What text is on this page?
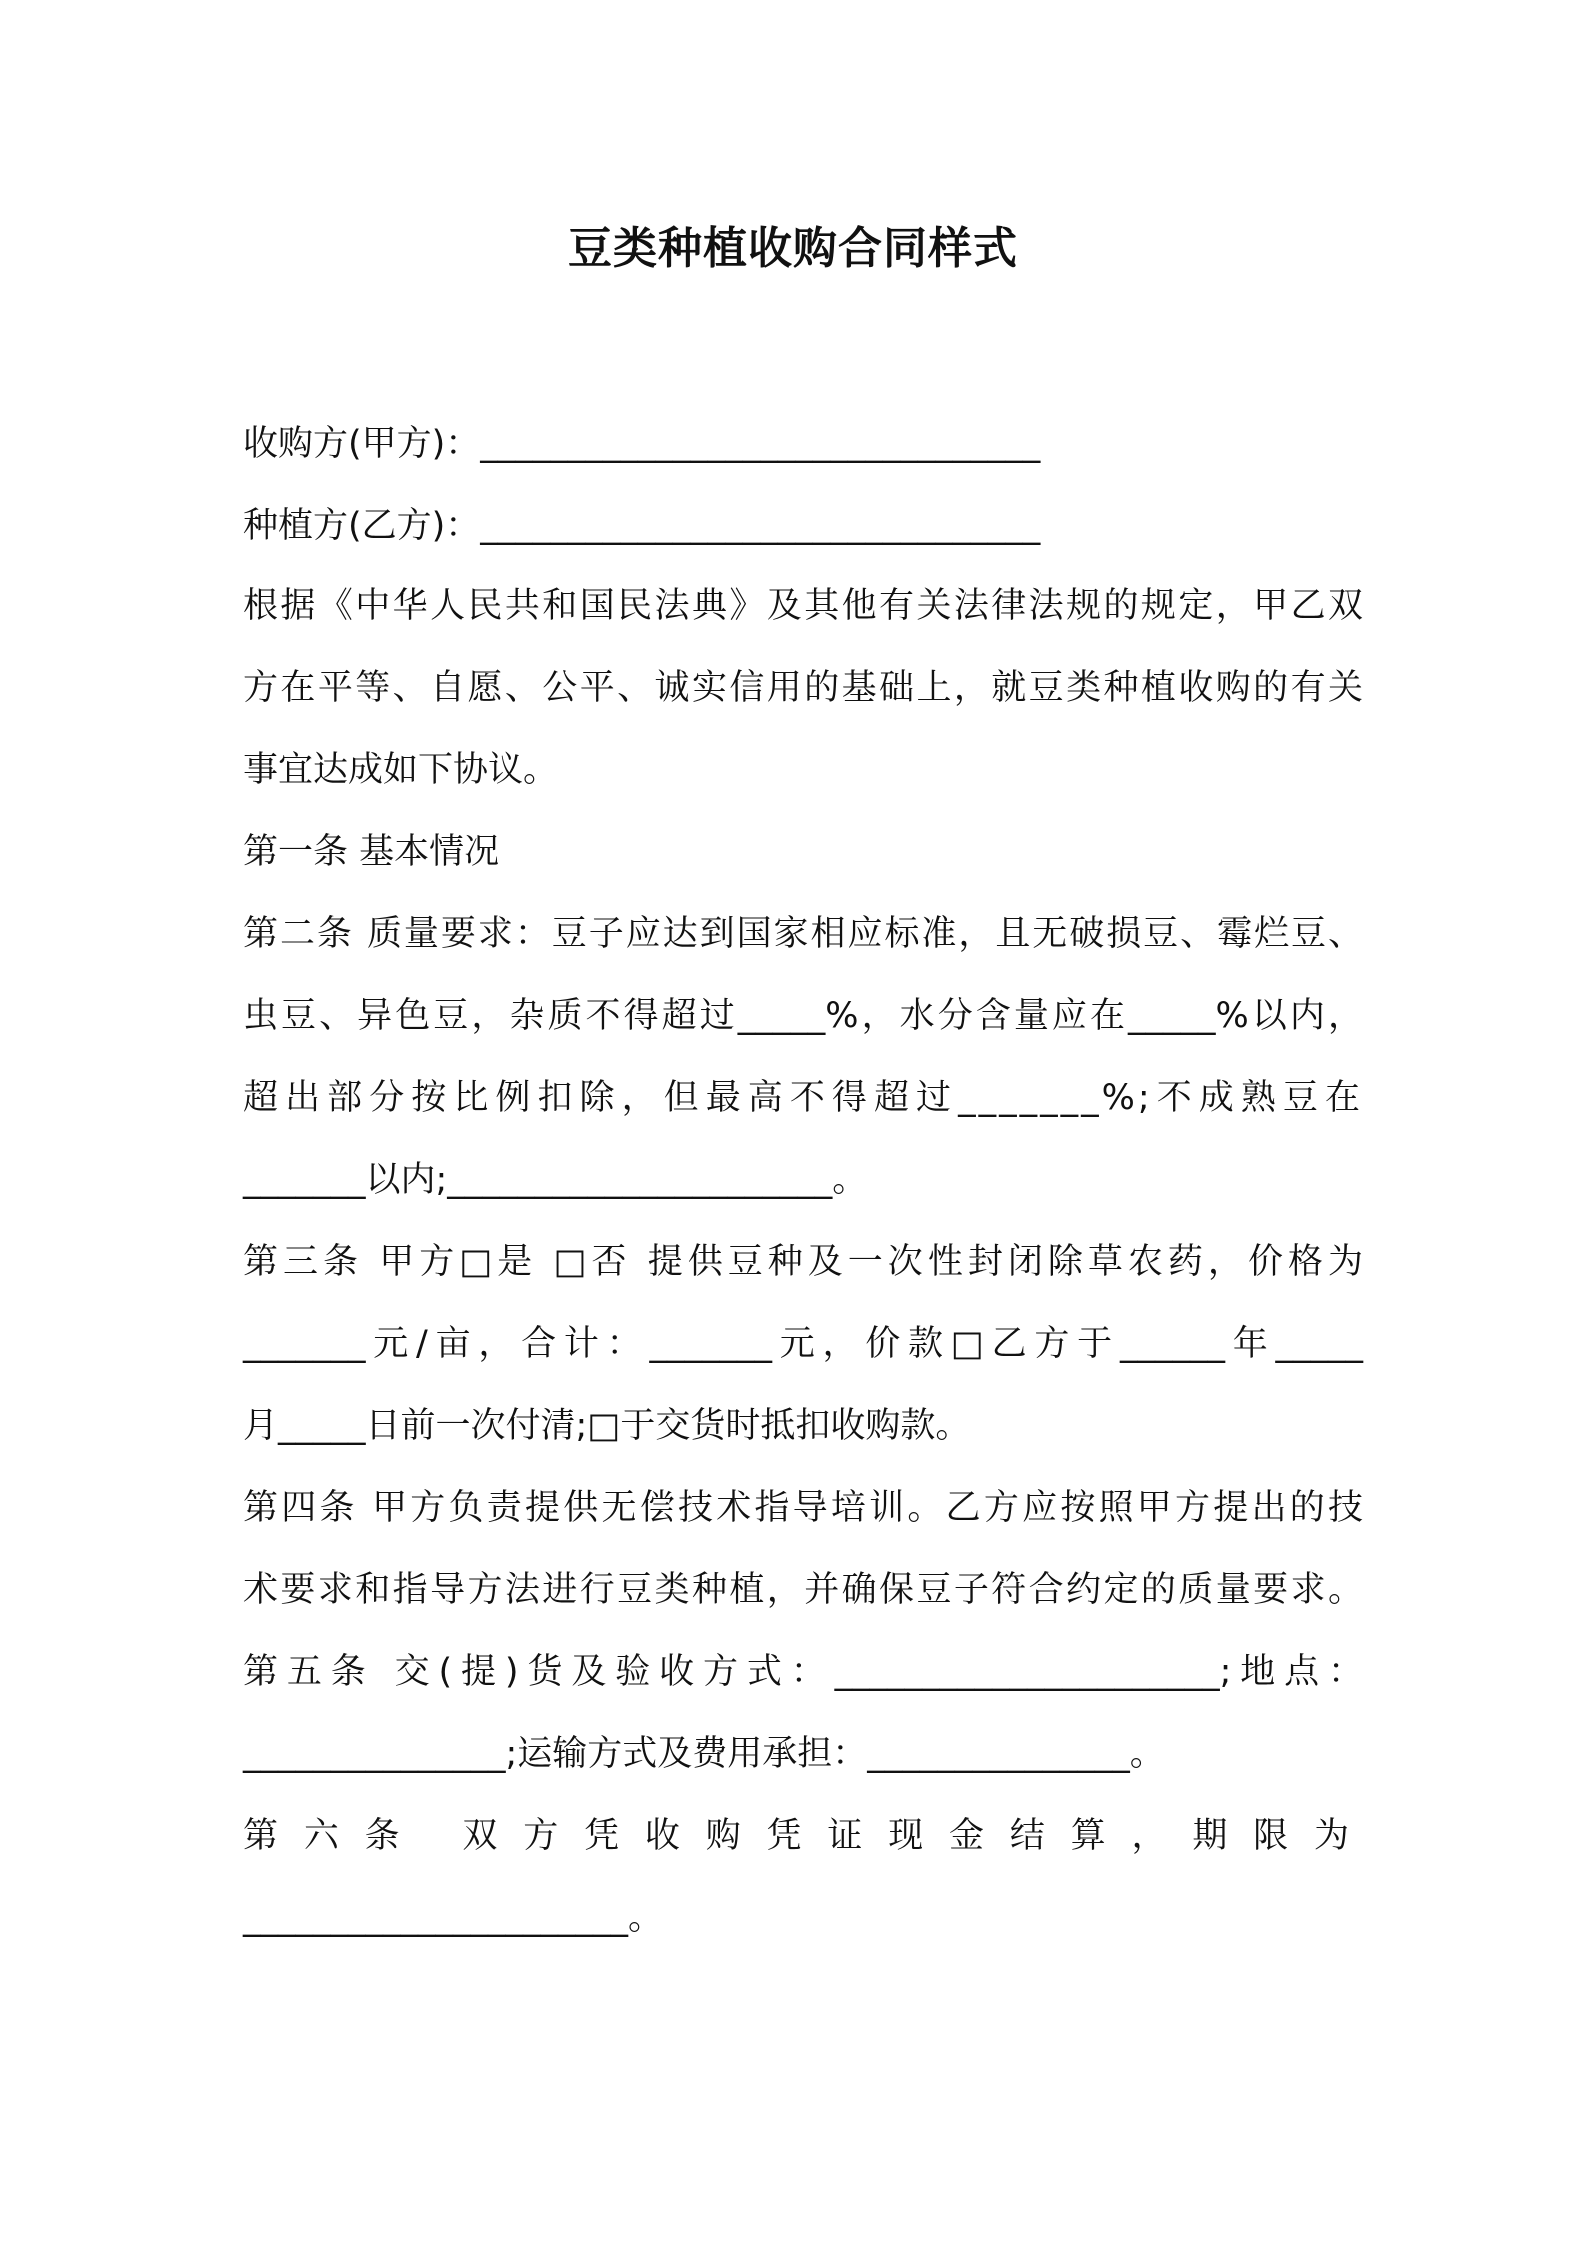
豆类种植收购合同样式

收购方(甲方)：________________________________

种植方(乙方)：________________________________

根据《中华人民共和国民法典》及其他有关法律法规的规定，甲乙双

方在平等、自愿、公平、诚实信用的基础上，就豆类种植收购的有关

事宜达成如下协议。

第一条 基本情况

第二条 质量要求：豆子应达到国家相应标准，且无破损豆、霉烂豆、

虫豆、异色豆，杂质不得超过_____%，水分含量应在_____%以内，

超出部分按比例扣除，但最高不得超过_______%;不成熟豆在

_______以内;______________________。

第三条 甲方□是 □否 提供豆种及一次性封闭除草农药，价格为

_______元/亩，合计：_______元，价款□乙方于______年_____

月_____日前一次付清;□于交货时抵扣收购款。

第四条 甲方负责提供无偿技术指导培训。乙方应按照甲方提出的技

术要求和指导方法进行豆类种植，并确保豆子符合约定的质量要求。

第五条 交(提)货及验收方式：______________________;地点：

_______________;运输方式及费用承担：_______________。

第六条 双方凭收购凭证现金结算，期限为

______________________。
